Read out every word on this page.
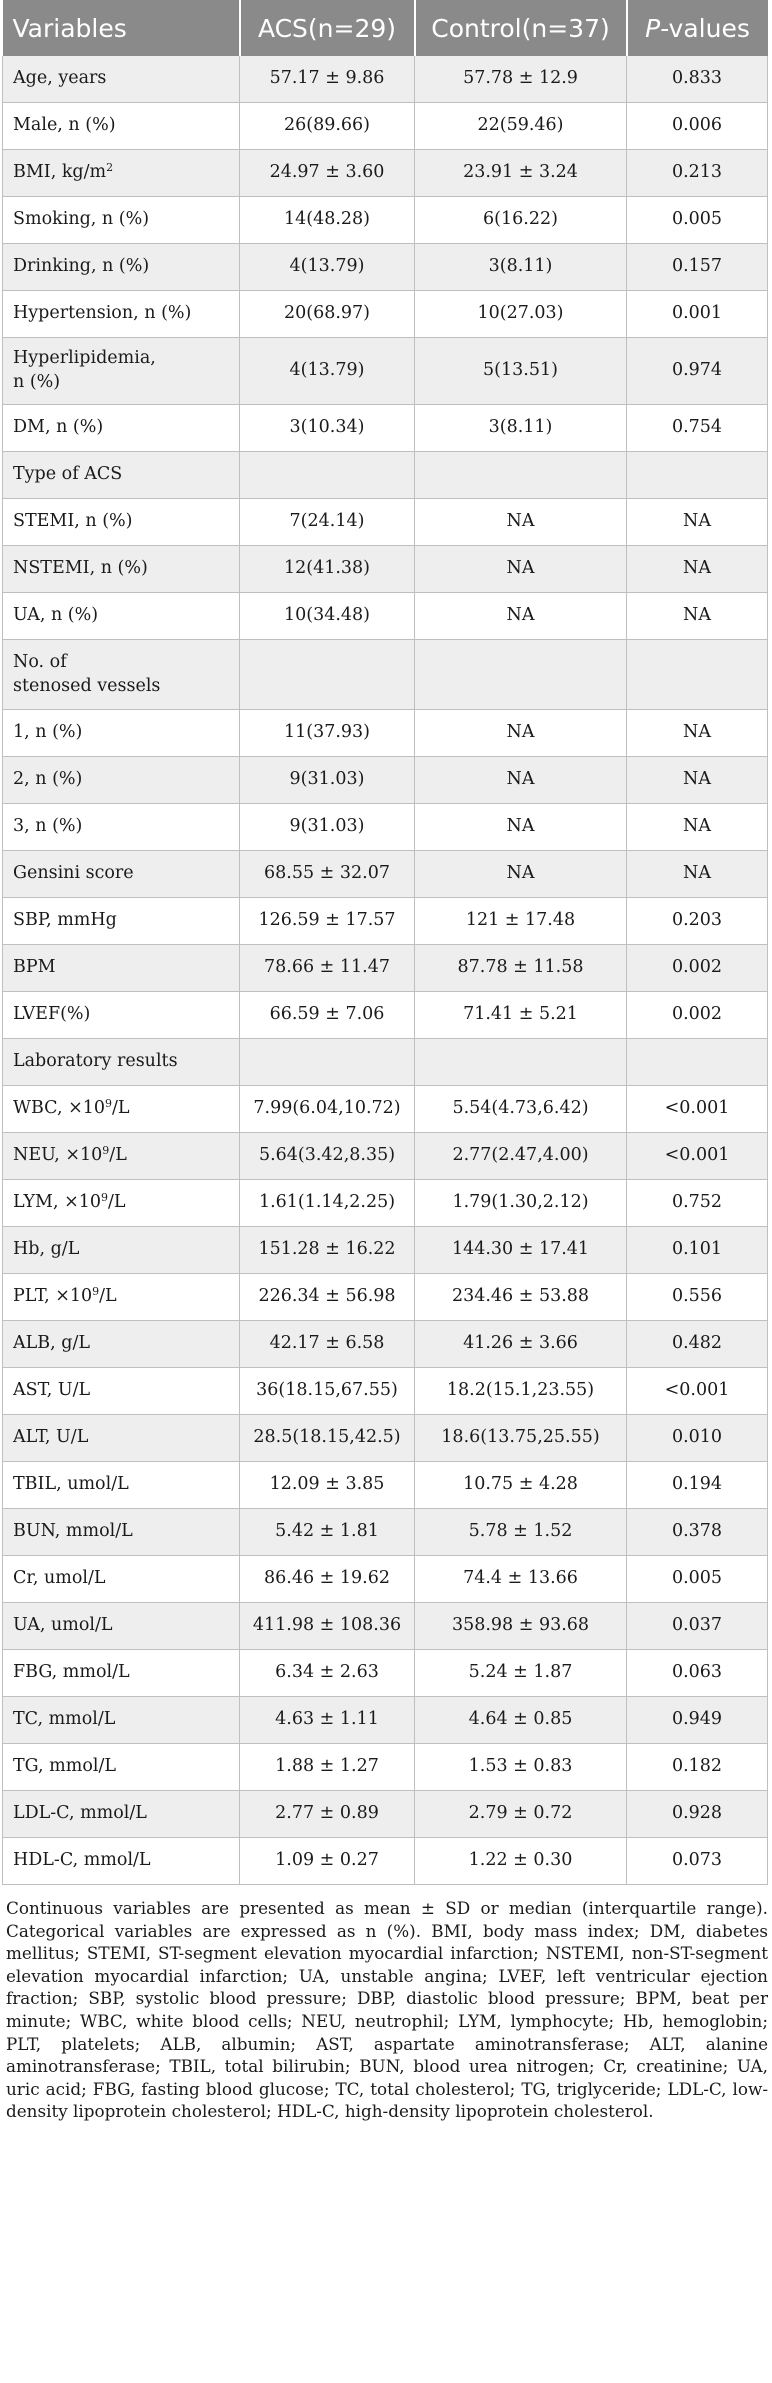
Variables	ACS(n=29)	Control(n=37)	P-values
Age, years	57.17 ± 9.86	57.78 ± 12.9	0.833
Male, n (%)	26(89.66)	22(59.46)	0.006
BMI, $kg/m^2$	24.97 ± 3.60	23.91 ± 3.24	0.213
Smoking, n (%)	14(48.28)	6(16.22)	0.005
Drinking, n (%)	4(13.79)	3(8.11)	0.157
Hypertension, n (%)	20(68.97)	10(27.03)	0.001
Hyperlipidemia,
n (%)	4(13.79)	5(13.51)	0.974
DM, n (%)	3(10.34)	3(8.11)	0.754
Type of ACS			
STEMI, n (%)	7(24.14)	NA	NA
NSTEMI, n (%)	12(41.38)	NA	NA
UA, n (%)	10(34.48)	NA	NA
No. of
stenosed vessels			
1, n (%)	11(37.93)	NA	NA
2, n (%)	9(31.03)	NA	NA
3, n (%)	9(31.03)	NA	NA
Gensini score	68.55 ± 32.07	NA	NA
SBP, mmHg	126.59 ± 17.57	121 ± 17.48	0.203
BPM	78.66 ± 11.47	87.78 ± 11.58	0.002
LVEF(%)	66.59 ± 7.06	71.41 ± 5.21	0.002
Laboratory results			
WBC, $\times 10^9/L$	7.99(6.04,10.72)	5.54(4.73,6.42)	<0.001
NEU, $\times 10^9/L$	5.64(3.42,8.35)	2.77(2.47,4.00)	<0.001
LYM, $\times 10^9/L$	1.61(1.14,2.25)	1.79(1.30,2.12)	0.752
Hb, g/L	151.28 ± 16.22	144.30 ± 17.41	0.101
PLT, $\times 10^9/L$	226.34 ± 56.98	234.46 ± 53.88	0.556
ALB, g/L	42.17 ± 6.58	41.26 ± 3.66	0.482
AST, U/L	36(18.15,67.55)	18.2(15.1,23.55)	<0.001
ALT, U/L	28.5(18.15,42.5)	18.6(13.75,25.55)	0.010
TBIL, umol/L	12.09 ± 3.85	10.75 ± 4.28	0.194
BUN, mmol/L	5.42 ± 1.81	5.78 ± 1.52	0.378
Cr, umol/L	86.46 ± 19.62	74.4 ± 13.66	0.005
UA, umol/L	411.98 ± 108.36	358.98 ± 93.68	0.037
FBG, mmol/L	6.34 ± 2.63	5.24 ± 1.87	0.063
TC, mmol/L	4.63 ± 1.11	4.64 ± 0.85	0.949
TG, mmol/L	1.88 ± 1.27	1.53 ± 0.83	0.182
LDL-C, mmol/L	2.77 ± 0.89	2.79 ± 0.72	0.928
HDL-C, mmol/L	1.09 ± 0.27	1.22 ± 0.30	0.073
Continuous variables are presented as mean ± SD or median (interquartile range). Categorical variables are expressed as n (%). BMI, body mass index; DM, diabetes mellitus; STEMI, ST-segment elevation myocardial infarction; NSTEMI, non-ST-segment elevation myocardial infarction; UA, unstable angina; LVEF, left ventricular ejection fraction; SBP, systolic blood pressure; DBP, diastolic blood pressure; BPM, beat per minute; WBC, white blood cells; NEU, neutrophil; LYM, lymphocyte; Hb, hemoglobin; PLT, platelets; ALB, albumin; AST, aspartate aminotransferase; ALT, alanine aminotransferase; TBIL, total bilirubin; BUN, blood urea nitrogen; Cr, creatinine; UA, uric acid; FBG, fasting blood glucose; TC, total cholesterol; TG, triglyceride; LDL-C, low-density lipoprotein cholesterol; HDL-C, high-density lipoprotein cholesterol.
